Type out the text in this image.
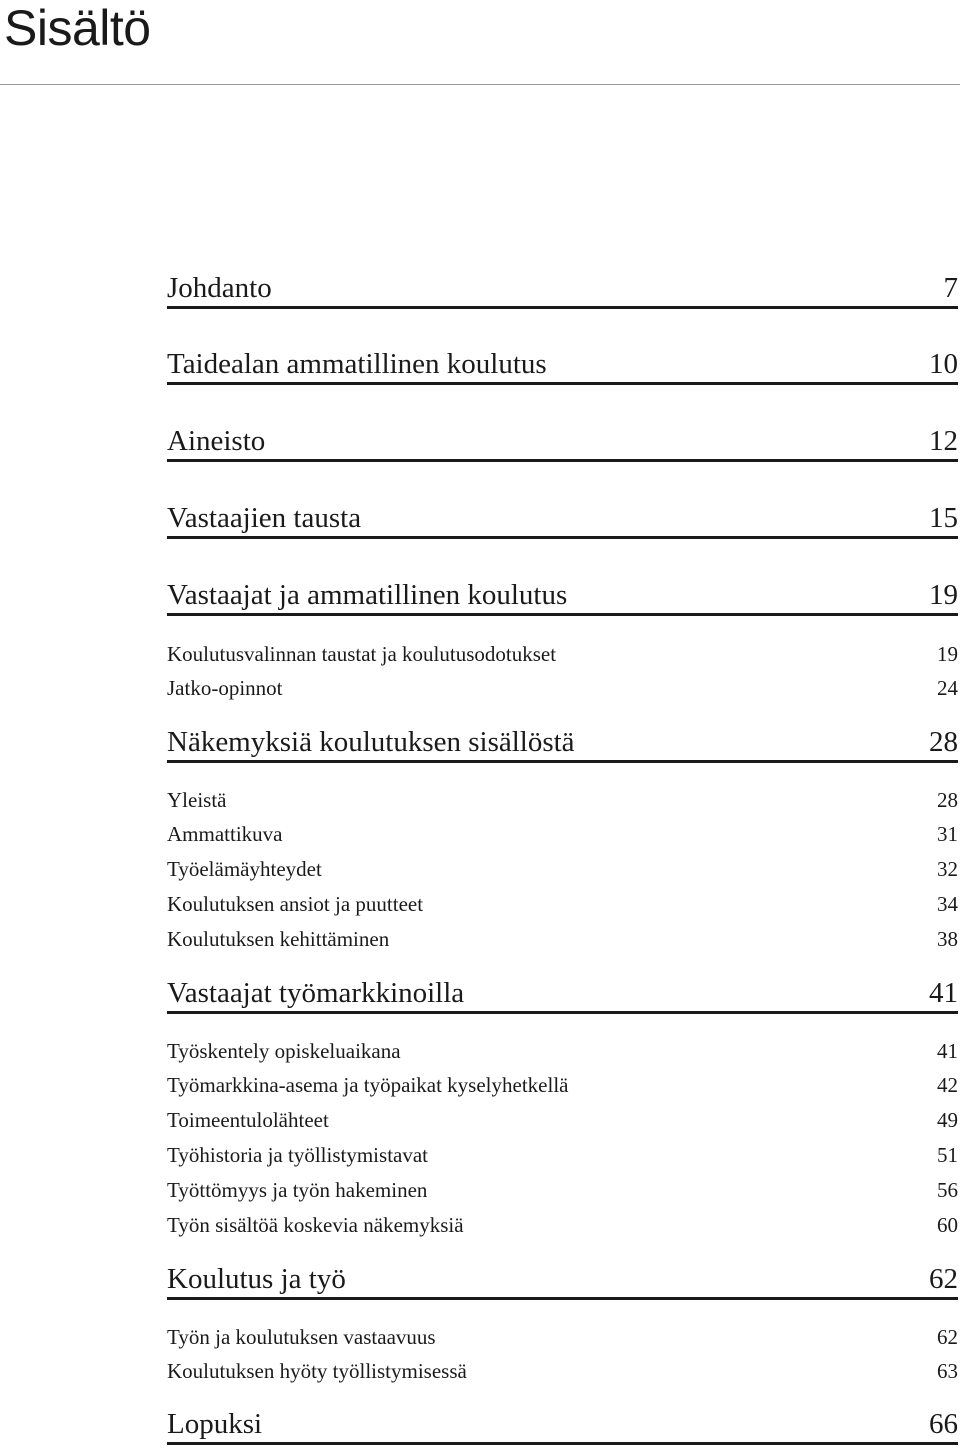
Sisältö
Johdanto	7
Taidealan ammatillinen koulutus	10
Aineisto	12
Vastaajien tausta	15
Vastaajat ja ammatillinen koulutus	19
Koulutusvalinnan taustat ja koulutusodotukset	19
Jatko-opinnot	24
Näkemyksiä koulutuksen sisällöstä	28
Yleistä	28
Ammattikuva	31
Työelämäyhteydet	32
Koulutuksen ansiot ja puutteet	34
Koulutuksen kehittäminen	38
Vastaajat työmarkkinoilla	41
Työskentely opiskeluaikana	41
Työmarkkina-asema ja työpaikat kyselyhetkellä	42
Toimeentulolähteet	49
Työhistoria ja työllistymistavat	51
Työttömyys ja työn hakeminen	56
Työn sisältöä koskevia näkemyksiä	60
Koulutus ja työ	62
Työn ja koulutuksen vastaavuus	62
Koulutuksen hyöty työllistymisessä	63
Lopuksi	66
